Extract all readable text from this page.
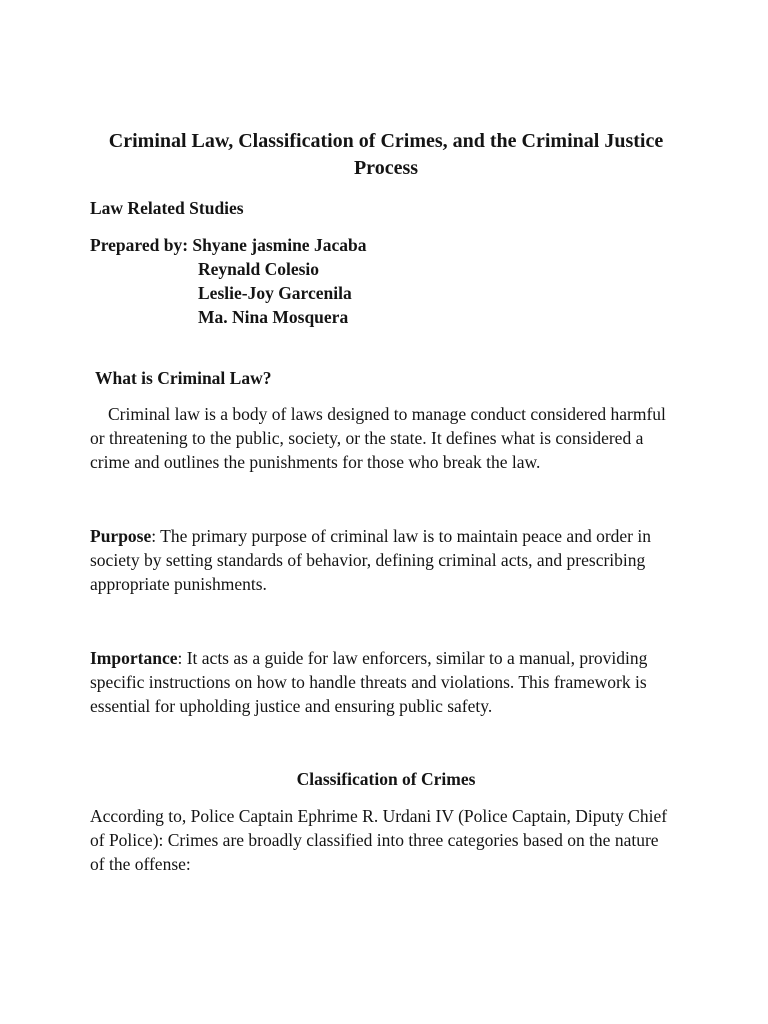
Criminal Law, Classification of Crimes, and the Criminal Justice
Process
Law Related Studies
Prepared by: Shyane jasmine Jacaba
Reynald Colesio
Leslie-Joy Garcenila
Ma. Nina Mosquera
What is Criminal Law?
Criminal law is a body of laws designed to manage conduct considered harmful
or threatening to the public, society, or the state. It defines what is considered a
crime and outlines the punishments for those who break the law.
Purpose: The primary purpose of criminal law is to maintain peace and order in
society by setting standards of behavior, defining criminal acts, and prescribing
appropriate punishments.
Importance: It acts as a guide for law enforcers, similar to a manual, providing
specific instructions on how to handle threats and violations. This framework is
essential for upholding justice and ensuring public safety.
Classification of Crimes
According to, Police Captain Ephrime R. Urdani IV (Police Captain, Diputy Chief
of Police): Crimes are broadly classified into three categories based on the nature
of the offense:
